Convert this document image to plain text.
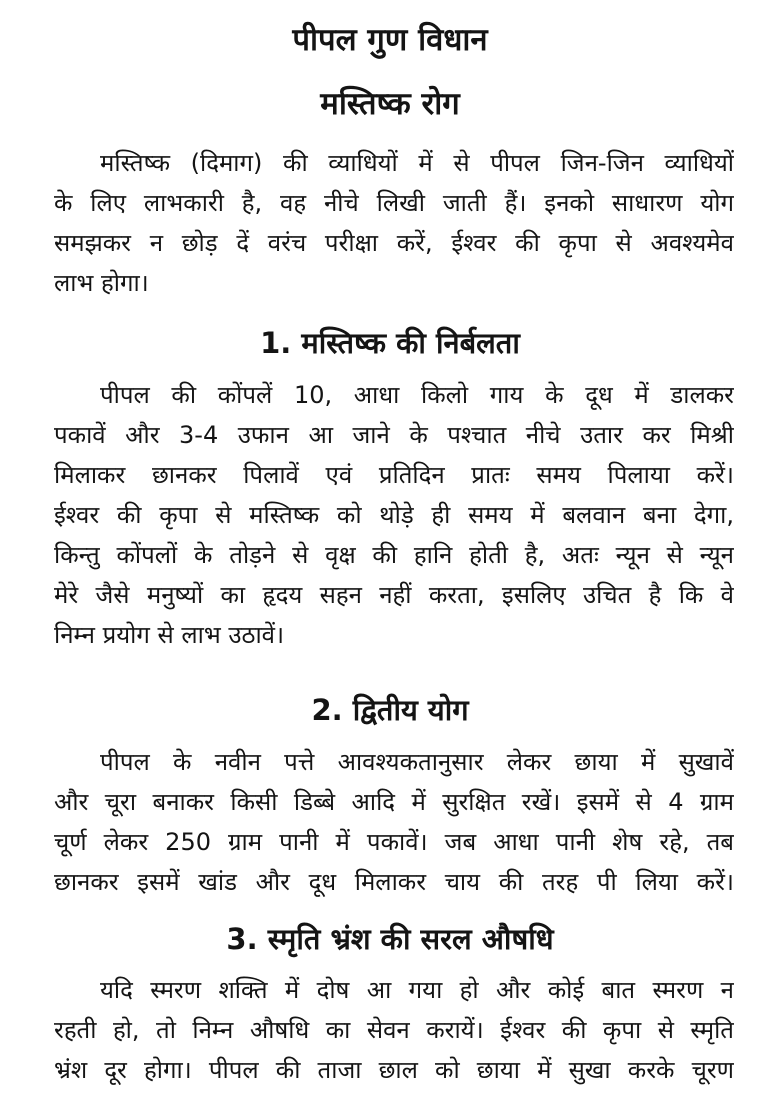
पीपल गुण विधान
मस्तिष्क रोग
मस्तिष्क (दिमाग) की व्याधियों में से पीपल जिन-जिन व्याधियों
के लिए लाभकारी है, वह नीचे लिखी जाती हैं। इनको साधारण योग
समझकर न छोड़ दें वरंच परीक्षा करें, ईश्वर की कृपा से अवश्यमेव
लाभ होगा।
1. मस्तिष्क की निर्बलता
पीपल की कोंपलें 10, आधा किलो गाय के दूध में डालकर
पकावें और 3-4 उफान आ जाने के पश्चात नीचे उतार कर मिश्री
मिलाकर छानकर पिलावें एवं प्रतिदिन प्रातः समय पिलाया करें।
ईश्वर की कृपा से मस्तिष्क को थोड़े ही समय में बलवान बना देगा,
किन्तु कोंपलों के तोड़ने से वृक्ष की हानि होती है, अतः न्यून से न्यून
मेरे जैसे मनुष्यों का हृदय सहन नहीं करता, इसलिए उचित है कि वे
निम्न प्रयोग से लाभ उठावें।
2. द्वितीय योग
पीपल के नवीन पत्ते आवश्यकतानुसार लेकर छाया में सुखावें
और चूरा बनाकर किसी डिब्बे आदि में सुरक्षित रखें। इसमें से 4 ग्राम
चूर्ण लेकर 250 ग्राम पानी में पकावें। जब आधा पानी शेष रहे, तब
छानकर इसमें खांड और दूध मिलाकर चाय की तरह पी लिया करें।
3. स्मृति भ्रंश की सरल औषधि
यदि स्मरण शक्ति में दोष आ गया हो और कोई बात स्मरण न
रहती हो, तो निम्न औषधि का सेवन करायें। ईश्वर की कृपा से स्मृति
भ्रंश दूर होगा। पीपल की ताजा छाल को छाया में सुखा करके चूरण
